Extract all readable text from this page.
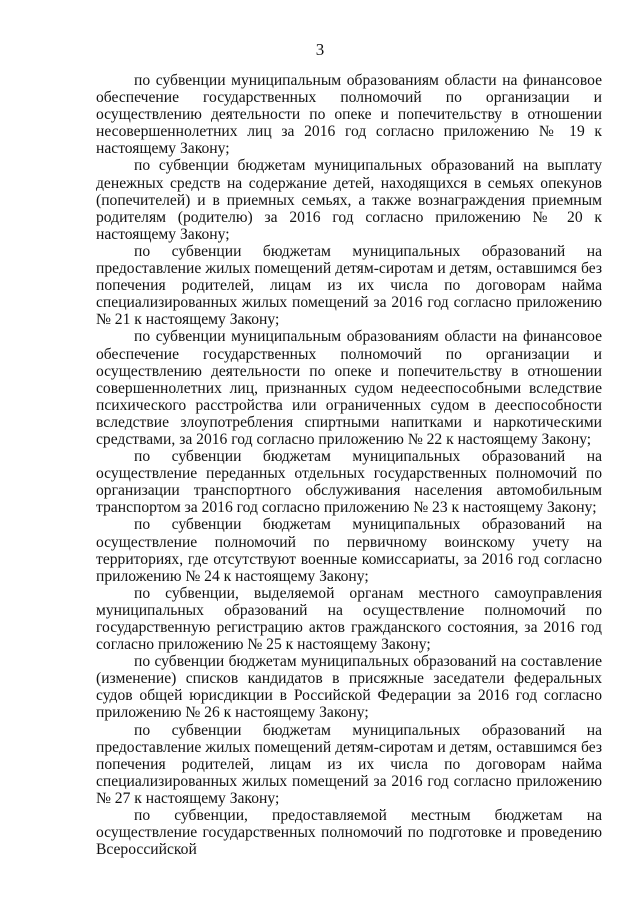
3

по субвенции муниципальным образованиям области на финансовое обеспечение государственных полномочий по организации и осуществлению деятельности по опеке и попечительству в отношении несовершеннолетних лиц за 2016 год согласно приложению № 19 к настоящему Закону;

по субвенции бюджетам муниципальных образований на выплату денежных средств на содержание детей, находящихся в семьях опекунов (попечителей) и в приемных семьях, а также вознаграждения приемным родителям (родителю) за 2016 год согласно приложению № 20 к настоящему Закону;

по субвенции бюджетам муниципальных образований на предоставление жилых помещений детям-сиротам и детям, оставшимся без попечения родителей, лицам из их числа по договорам найма специализированных жилых помещений за 2016 год согласно приложению № 21 к настоящему Закону;

по субвенции муниципальным образованиям области на финансовое обеспечение государственных полномочий по организации и осуществлению деятельности по опеке и попечительству в отношении совершеннолетних лиц, признанных судом недееспособными вследствие психического расстройства или ограниченных судом в дееспособности вследствие злоупотребления спиртными напитками и наркотическими средствами, за 2016 год согласно приложению № 22 к настоящему Закону;

по субвенции бюджетам муниципальных образований на осуществление переданных отдельных государственных полномочий по организации транспортного обслуживания населения автомобильным транспортом за 2016 год согласно приложению № 23 к настоящему Закону;

по субвенции бюджетам муниципальных образований на осуществление полномочий по первичному воинскому учету на территориях, где отсутствуют военные комиссариаты, за 2016 год согласно приложению № 24 к настоящему Закону;

по субвенции, выделяемой органам местного самоуправления муниципальных образований на осуществление полномочий по государственную регистрацию актов гражданского состояния, за 2016 год согласно приложению № 25 к настоящему Закону;

по субвенции бюджетам муниципальных образований на составление (изменение) списков кандидатов в присяжные заседатели федеральных судов общей юрисдикции в Российской Федерации за 2016 год согласно приложению № 26 к настоящему Закону;

по субвенции бюджетам муниципальных образований на предоставление жилых помещений детям-сиротам и детям, оставшимся без попечения родителей, лицам из их числа по договорам найма специализированных жилых помещений за 2016 год согласно приложению № 27 к настоящему Закону;

по субвенции, предоставляемой местным бюджетам на осуществление государственных полномочий по подготовке и проведению Всероссийской
